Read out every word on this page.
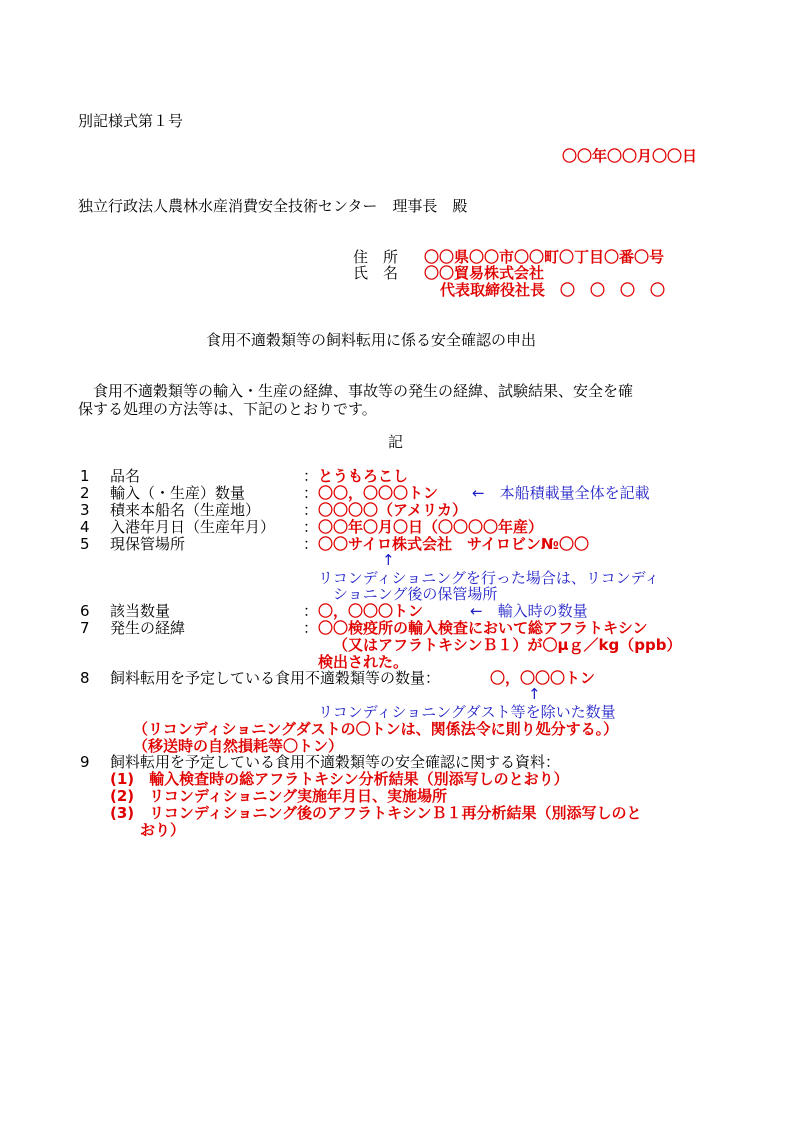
別記様式第１号
〇〇年〇〇月〇〇日
独立行政法人農林水産消費安全技術センター　理事長　殿
住　所 〇〇県〇〇市〇〇町〇丁目〇番〇号
氏　名 〇〇貿易株式会社
代表取締役社長　〇　〇　〇　〇
食用不適穀類等の飼料転用に係る安全確認の申出
　食用不適穀類等の輸入・生産の経緯、事故等の発生の経緯、試験結果、安全を確
保する処理の方法等は、下記のとおりです。
記
1 品名	： とうもろこし
2 輸入（・生産）数量	： 〇〇，〇〇〇トン ←　本船積載量全体を記載
3 積来本船名（生産地）	： 〇〇〇〇（アメリカ）
4 入港年月日（生産年月） ： 〇〇年〇月〇日（〇〇〇〇年産）
5 現保管場所	： 〇〇サイロ株式会社　サイロビン№〇〇
↑
リコンディショニングを行った場合は、リコンディ
ショニング後の保管場所
6 該当数量	： 〇，〇〇〇トン	←　輸入時の数量
7 発生の経緯	： 〇〇検疫所の輸入検査において総アフラトキシン
（又はアフラトキシンＢ１）が〇μｇ／kg（ppb）
検出された。
8 飼料転用を予定している食用不適穀類等の数量：	〇，〇〇〇トン
↑
リコンディショニングダスト等を除いた数量
（リコンディショニングダストの〇トンは、関係法令に則り処分する。）
（移送時の自然損耗等〇トン）
9 飼料転用を予定している食用不適穀類等の安全確認に関する資料：
(1)　輸入検査時の総アフラトキシン分析結果（別添写しのとおり）
(2)　リコンディショニング実施年月日、実施場所
(3)　リコンディショニング後のアフラトキシンＢ１再分析結果（別添写しのと
おり）
